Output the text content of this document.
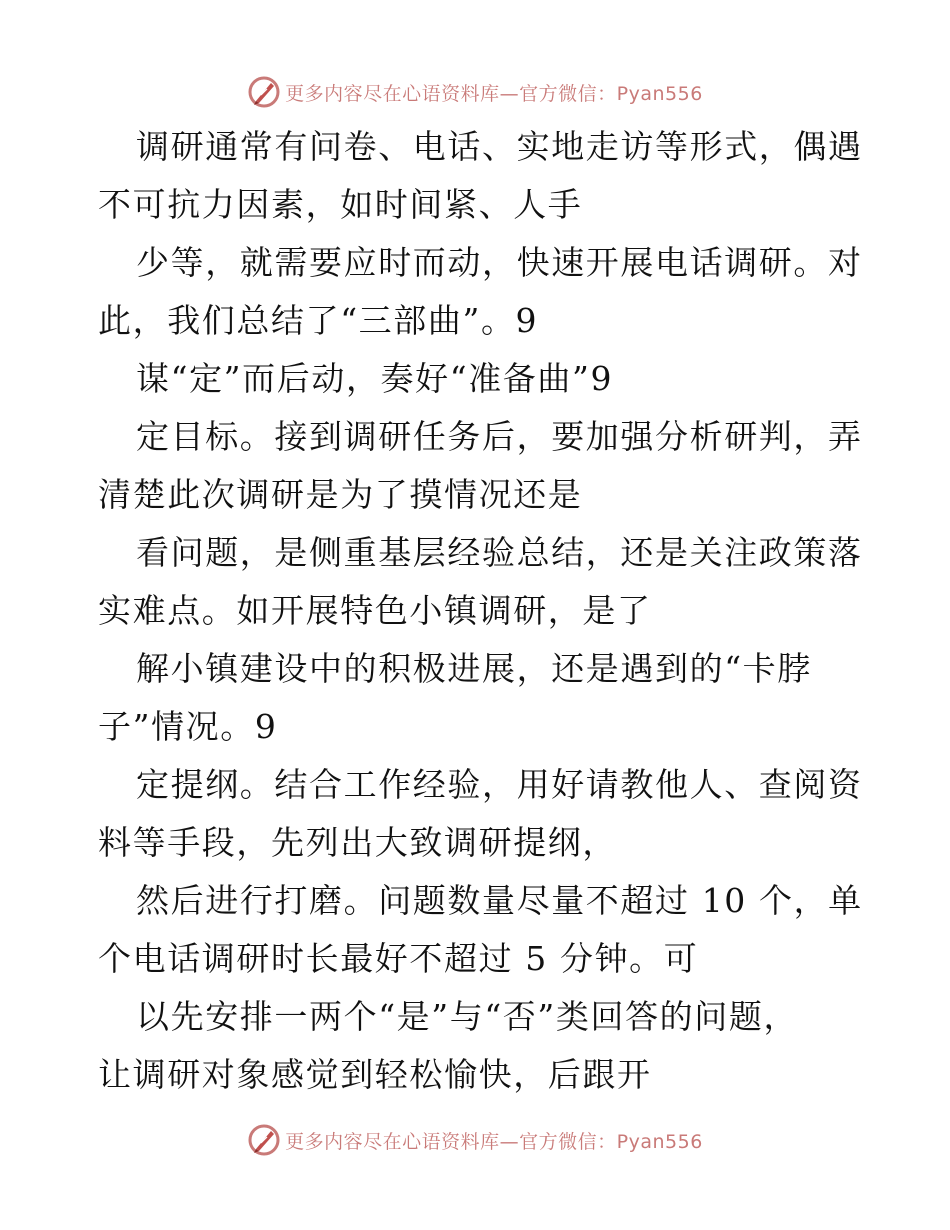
更多内容尽在心语资料库—官方微信：Pyan556
调研通常有问卷、电话、实地走访等形式，偶遇
不可抗力因素，如时间紧、人手
少等，就需要应时而动，快速开展电话调研。对
此，我们总结了“三部曲”。9
谋“定”而后动，奏好“准备曲”9
定目标。接到调研任务后，要加强分析研判，弄
清楚此次调研是为了摸情况还是
看问题，是侧重基层经验总结，还是关注政策落
实难点。如开展特色小镇调研，是了
解小镇建设中的积极进展，还是遇到的“卡脖
子”情况。9
定提纲。结合工作经验，用好请教他人、查阅资
料等手段，先列出大致调研提纲，
然后进行打磨。问题数量尽量不超过 10 个，单
个电话调研时长最好不超过 5 分钟。可
以先安排一两个“是”与“否”类回答的问题，
让调研对象感觉到轻松愉快，后跟开
更多内容尽在心语资料库—官方微信：Pyan556
